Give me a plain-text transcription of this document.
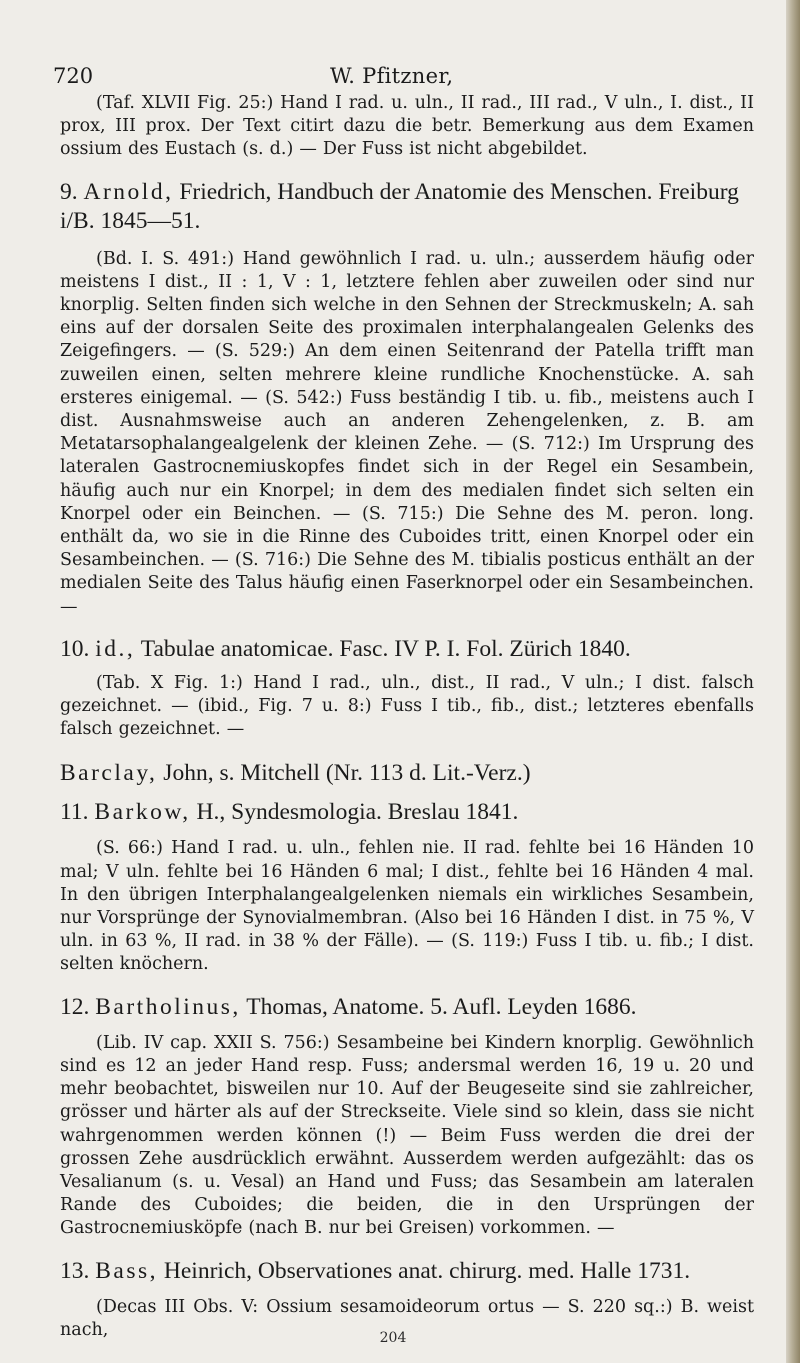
720	W. Pfitzner,

(Taf. XLVII Fig. 25:) Hand I rad. u. uln., II rad., III rad., V uln., I. dist., II prox, III prox. Der Text citirt dazu die betr. Bemerkung aus dem Examen ossium des Eustach (s. d.) — Der Fuss ist nicht abgebildet.

9. Arnold, Friedrich, Handbuch der Anatomie des Menschen. Freiburg i/B. 1845—51.

(Bd. I. S. 491:) Hand gewöhnlich I rad. u. uln.; ausserdem häufig oder meistens I dist., II : 1, V : 1, letztere fehlen aber zuweilen oder sind nur knorplig. Selten finden sich welche in den Sehnen der Streckmuskeln; A. sah eins auf der dorsalen Seite des proximalen interphalangealen Gelenks des Zeigefingers. — (S. 529:) An dem einen Seitenrand der Patella trifft man zuweilen einen, selten mehrere kleine rundliche Knochenstücke. A. sah ersteres einigemal. — (S. 542:) Fuss beständig I tib. u. fib., meistens auch I dist. Ausnahmsweise auch an anderen Zehengelenken, z. B. am Metatarsophalangealgelenk der kleinen Zehe. — (S. 712:) Im Ursprung des lateralen Gastrocnemiuskopfes findet sich in der Regel ein Sesambein, häufig auch nur ein Knorpel; in dem des medialen findet sich selten ein Knorpel oder ein Beinchen. — (S. 715:) Die Sehne des M. peron. long. enthält da, wo sie in die Rinne des Cuboides tritt, einen Knorpel oder ein Sesambeinchen. — (S. 716:) Die Sehne des M. tibialis posticus enthält an der medialen Seite des Talus häufig einen Faserknorpel oder ein Sesambeinchen. —

10. id., Tabulae anatomicae. Fasc. IV P. I. Fol. Zürich 1840.

(Tab. X Fig. 1:) Hand I rad., uln., dist., II rad., V uln.; I dist. falsch gezeichnet. — (ibid., Fig. 7 u. 8:) Fuss I tib., fib., dist.; letzteres ebenfalls falsch gezeichnet. —

Barclay, John, s. Mitchell (Nr. 113 d. Lit.-Verz.)
11. Barkow, H., Syndesmologia. Breslau 1841.

(S. 66:) Hand I rad. u. uln., fehlen nie. II rad. fehlte bei 16 Händen 10 mal; V uln. fehlte bei 16 Händen 6 mal; I dist., fehlte bei 16 Händen 4 mal. In den übrigen Interphalangealgelenken niemals ein wirkliches Sesambein, nur Vorsprünge der Synovialmembran. (Also bei 16 Händen I dist. in 75 %, V uln. in 63 %, II rad. in 38 % der Fälle). — (S. 119:) Fuss I tib. u. fib.; I dist. selten knöchern.

12. Bartholinus, Thomas, Anatome. 5. Aufl. Leyden 1686.

(Lib. IV cap. XXII S. 756:) Sesambeine bei Kindern knorplig. Gewöhnlich sind es 12 an jeder Hand resp. Fuss; andersmal werden 16, 19 u. 20 und mehr beobachtet, bisweilen nur 10. Auf der Beugeseite sind sie zahlreicher, grösser und härter als auf der Streckseite. Viele sind so klein, dass sie nicht wahrgenommen werden können (!) — Beim Fuss werden die drei der grossen Zehe ausdrücklich erwähnt. Ausserdem werden aufgezählt: das os Vesalianum (s. u. Vesal) an Hand und Fuss; das Sesambein am lateralen Rande des Cuboides; die beiden, die in den Ursprüngen der Gastrocnemiusköpfe (nach B. nur bei Greisen) vorkommen. —

13. Bass, Heinrich, Observationes anat. chirurg. med. Halle 1731.

(Decas III Obs. V: Ossium sesamoideorum ortus — S. 220 sq.:) B. weist nach,	204
